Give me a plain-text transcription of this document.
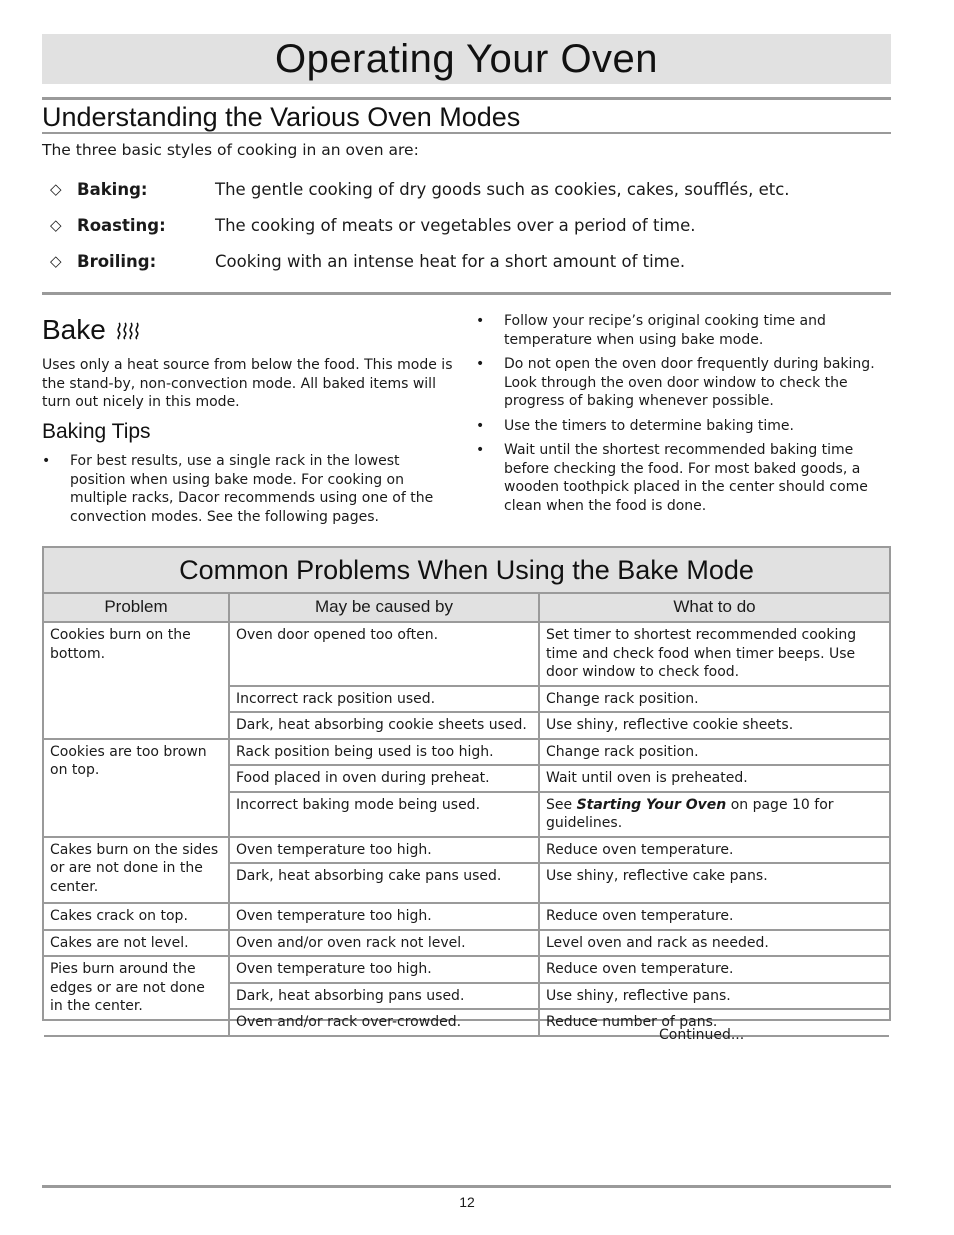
Operating Your Oven
Understanding the Various Oven Modes
The three basic styles of cooking in an oven are:
◇ Baking:	The gentle cooking of dry goods such as cookies, cakes, soufflés, etc.
◇ Roasting:	The cooking of meats or vegetables over a period of time.
◇ Broiling:	Cooking with an intense heat for a short amount of time.
Bake
Uses only a heat source from below the food. This mode is the stand-by, non-convection mode. All baked items will turn out nicely in this mode.
Baking Tips
• For best results, use a single rack in the lowest position when using bake mode. For cooking on multiple racks, Dacor recommends using one of the convection modes. See the following pages.
• Follow your recipe’s original cooking time and temperature when using bake mode.
• Do not open the oven door frequently during baking. Look through the oven door window to check the progress of baking whenever possible.
• Use the timers to determine baking time.
• Wait until the shortest recommended baking time before checking the food. For most baked goods, a wooden toothpick placed in the center should come clean when the food is done.
Common Problems When Using the Bake Mode
Problem	May be caused by	What to do
Cookies burn on the bottom.	Oven door opened too often.	Set timer to shortest recommended cooking time and check food when timer beeps. Use door window to check food.
	Incorrect rack position used.	Change rack position.
	Dark, heat absorbing cookie sheets used.	Use shiny, reflective cookie sheets.
Cookies are too brown on top.	Rack position being used is too high.	Change rack position.
	Food placed in oven during preheat.	Wait until oven is preheated.
	Incorrect baking mode being used.	See Starting Your Oven on page 10 for guidelines.
Cakes burn on the sides or are not done in the center.	Oven temperature too high.	Reduce oven temperature.
	Dark, heat absorbing cake pans used.	Use shiny, reflective cake pans.
Cakes crack on top.	Oven temperature too high.	Reduce oven temperature.
Cakes are not level.	Oven and/or oven rack not level.	Level oven and rack as needed.
Pies burn around the edges or are not done in the center.	Oven temperature too high.	Reduce oven temperature.
	Dark, heat absorbing pans used.	Use shiny, reflective pans.
	Oven and/or rack over-crowded.	Reduce number of pans.
Continued...
12
